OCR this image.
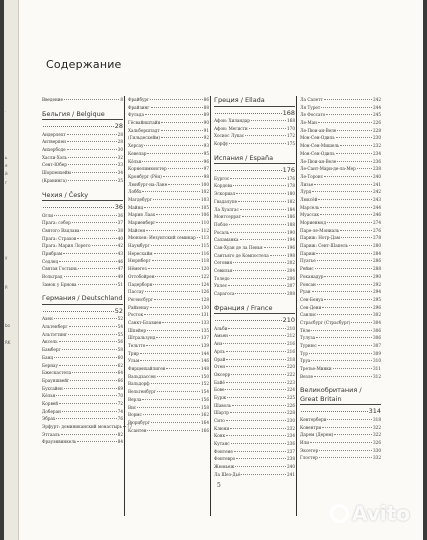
.
ь
е
й
г
y
P.
bo
RK
Содержание
Введение	8
Бельгия / Belgique
28
Андерлехт	28
Антверпен	28
Анхербоде	30
Хасли-Хэль	32
Сент-Юбер	33
Шорпенхейм	34
(Кранинга)	35
Чехия / Česky
36
Огли	36
Прага: собор	37
Святого Вацлава	38
Прага: Страхов	40
Прага: Мария Лорето	42
Прибрам	43
Седлец	46
Святая Гостынь	47
Вольград	49
Замок у Брнова	51
Германия / Deutschland
52
Ахен	52
Альтенберг	54
Альтэттинг	55
Аксель	56
Бамберг	58
Банц	60
Бернау	62
Бжескастела	64
Брауншвейг	66
Бухсайен	69
Кёльн	70
Корвей	72
Доберан	74
Эбрах	76
Эрфурт: доминиканский монастырь 77
Эттааль	82
Фрауэнвинкель	84
Фрайбург	86
Фрайзинг	88
Фульда	89
Гёсвайнштайн	90
Хальберштадт	91
(Гильдесхейм)	92
Херсау	93
Кевелар	95
Кёльн	96
Корнелимюнстер	97
Кронбург (Рён)	98
Люнбург-на-Лане	100
Лоббх	102
Магдебург	103
Майнц	105
Мария Лаах	106
Мариенберг	110
Майсен	112
Мюнхен: Иезуитский семинар 113
Наумбург	115
Нересхайм	116
Нюрнберг	118
Нёмегез	120
Оттобойрен	122
Падерборн	124
Пассау	126
Регенсбург	128
Райхенау	130
Росток	131
Санкт-Блазиен	133
Шпейер	135
Штральзунд	137
Тельтте	139
Трир	144
Ульм	146
Фирценхайлиген	148
Вальдзассен	150
Вальдорф	152
Вельтенбург	154
Верла	156
Вис	158
Вормс	162
Вюрцбург	164
Ксантен	166
Греция / Ellada
168
Афон: Хиландар	168
Афон: Мегисти	170
Хосиос Лукас	172
Корфу	175
Испания / España
176
Бургос	176
Кордова	178
Эскориал	180
Гвадалупе	182
Ла Хуэлгас	184
Монтсеррат	186
Побле	188
Росаль	190
Саламанка	194
Сан-Хуан де ла Пенья	196
Сантьяго де Компостела	198
Сеговия	202
Севилья	204
Толедо	206
Уклес	207
Сарагоса	208
Франция / France
210
Альби	210
Амьен	212
Анэ	216
Арль	216
Орай	218
Отен	220
Оксерр	222
Байё	223
Бове	224
Бурж	225
Шаволь	226
Шартр	228
Сито	230
Клюни	232
Конк	234
Кутанс	236
Фонтене	237
Фонтевро	238
Жюмьеж	240
Ла Шез-Дьё	241
Ла Салетт	242
Ля Турет	244
Ле Фоссато	245
Ле-Ман	226
Ле-Пюи-ан-Веле	228
Мон-Сен-Одиль	230
Мон-Сен-Мишель	232
Мон-Сен-Одиль	234
Ле-Пюи-ан-Веле	236
Ле-Сант-Мари-де-ла-Мер	238
Ле-Торонс	240
Лизье	241
Лурд	242
Люксёй	243
Марсель	244
Муассак	246
Мориенмод	274
Паре-ле-Мониаль	276
Париж: Нотр-Дам	278
Париж: Сент-Шапель	280
Париж	284
Пуатье	286
Реймс	288
Роканадур	290
Ронсан	292
Руан	294
Сен-Бенуа	295
Сен-Дени	296
Санлис	302
Страсбург (Страсбург)	304
Тёле	306
Тулуза	306
Турнюс	307
Тур	309
Труа	310
Третье-Минки	311
Везле	312
Великобритания / Great Britain
314
Кентербери	318
Ковентри	322
Дарем (Дерем)	322
Или	326
Эксетер	330
Глостер	332
5
Avito
